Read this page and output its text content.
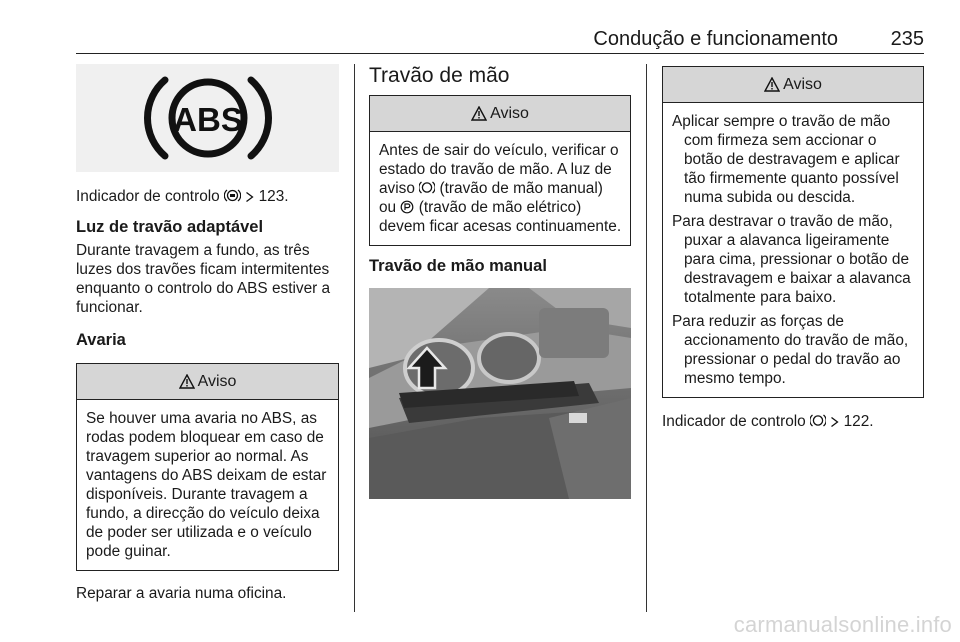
Condução e funcionamento	235
ABS

Indicador de controlo	123.

Luz de travão adaptável

Durante travagem a fundo, as três luzes dos travões ficam intermitentes enquanto o controlo do ABS estiver a funcionar.

Avaria
Aviso

Se houver uma avaria no ABS, as rodas podem bloquear em caso de travagem superior ao normal. As vantagens do ABS deixam de estar disponíveis. Durante travagem a fundo, a direcção do veículo deixa de poder ser utilizada e o veículo pode guinar.

Reparar a avaria numa oficina.

Travão de mão
Aviso

Antes de sair do veículo, verificar o estado do travão de mão. A luz de aviso (travão de mão manual) ou (travão de mão elétrico) devem ficar acesas continuamente.

Travão de mão manual
Aviso

Aplicar sempre o travão de mão com firmeza sem accionar o botão de destravagem e aplicar tão firmemente quanto possível numa subida ou descida.

Para destravar o travão de mão, puxar a alavanca ligeiramente para cima, pressionar o botão de destravagem e baixar a alavanca totalmente para baixo.

Para reduzir as forças de accionamento do travão de mão, pressionar o pedal do travão ao mesmo tempo.

Indicador de controlo 122.

carmanualsonline.info
